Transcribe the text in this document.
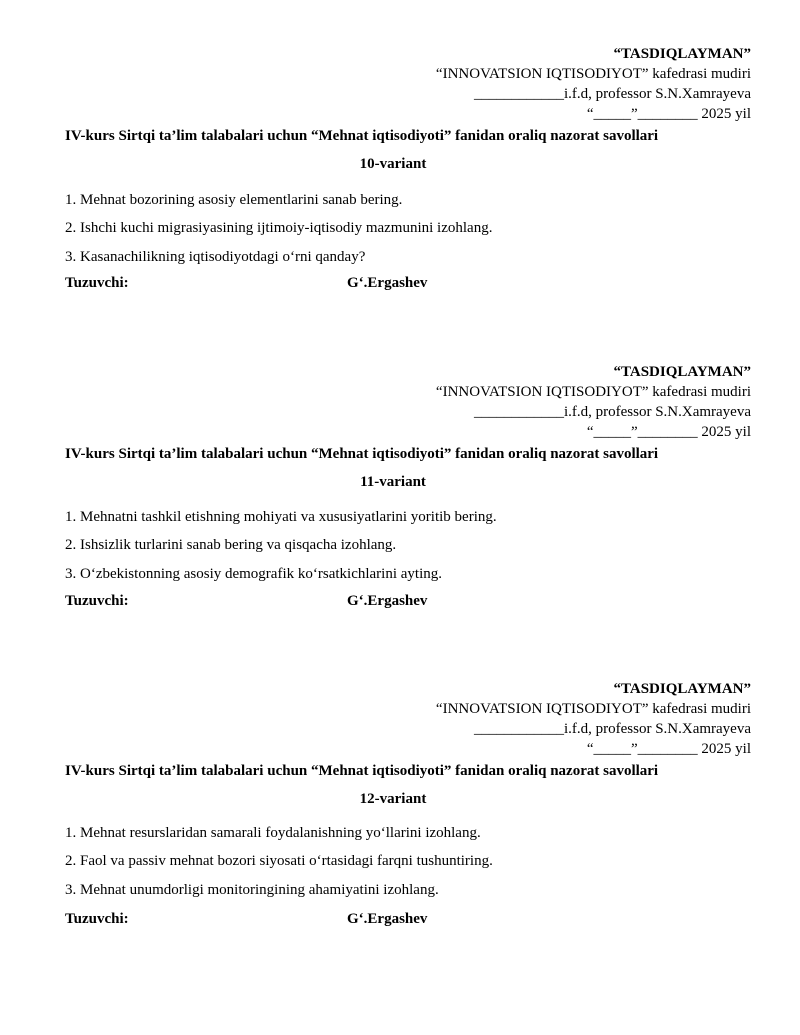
“TASDIQLAYMAN”
“INNOVATSION IQTISODIYOT” kafedrasi mudiri
____________i.f.d, professor S.N.Xamrayeva
“_____”________ 2025 yil
IV-kurs Sirtqi ta’lim talabalari uchun “Mehnat iqtisodiyoti” fanidan oraliq nazorat savollari
10-variant
1. Mehnat bozorining asosiy elementlarini sanab bering.
2. Ishchi kuchi migrasiyasining ijtimoiy-iqtisodiy mazmunini izohlang.
3. Kasanachilikning iqtisodiyotdagi o‘rni qanday?
Tuzuvchi:	G‘.Ergashev
“TASDIQLAYMAN”
“INNOVATSION IQTISODIYOT” kafedrasi mudiri
____________i.f.d, professor S.N.Xamrayeva
“_____”________ 2025 yil
IV-kurs Sirtqi ta’lim talabalari uchun “Mehnat iqtisodiyoti” fanidan oraliq nazorat savollari
11-variant
1. Mehnatni tashkil etishning mohiyati va xususiyatlarini yoritib bering.
2. Ishsizlik turlarini sanab bering va qisqacha izohlang.
3. O‘zbekistonning asosiy demografik ko‘rsatkichlarini ayting.
Tuzuvchi:	G‘.Ergashev
“TASDIQLAYMAN”
“INNOVATSION IQTISODIYOT” kafedrasi mudiri
____________i.f.d, professor S.N.Xamrayeva
“_____”________ 2025 yil
IV-kurs Sirtqi ta’lim talabalari uchun “Mehnat iqtisodiyoti” fanidan oraliq nazorat savollari
12-variant
1. Mehnat resurslaridan samarali foydalanishning yo‘llarini izohlang.
2. Faol va passiv mehnat bozori siyosati o‘rtasidagi farqni tushuntiring.
3. Mehnat unumdorligi monitoringining ahamiyatini izohlang.
Tuzuvchi:	G‘.Ergashev
